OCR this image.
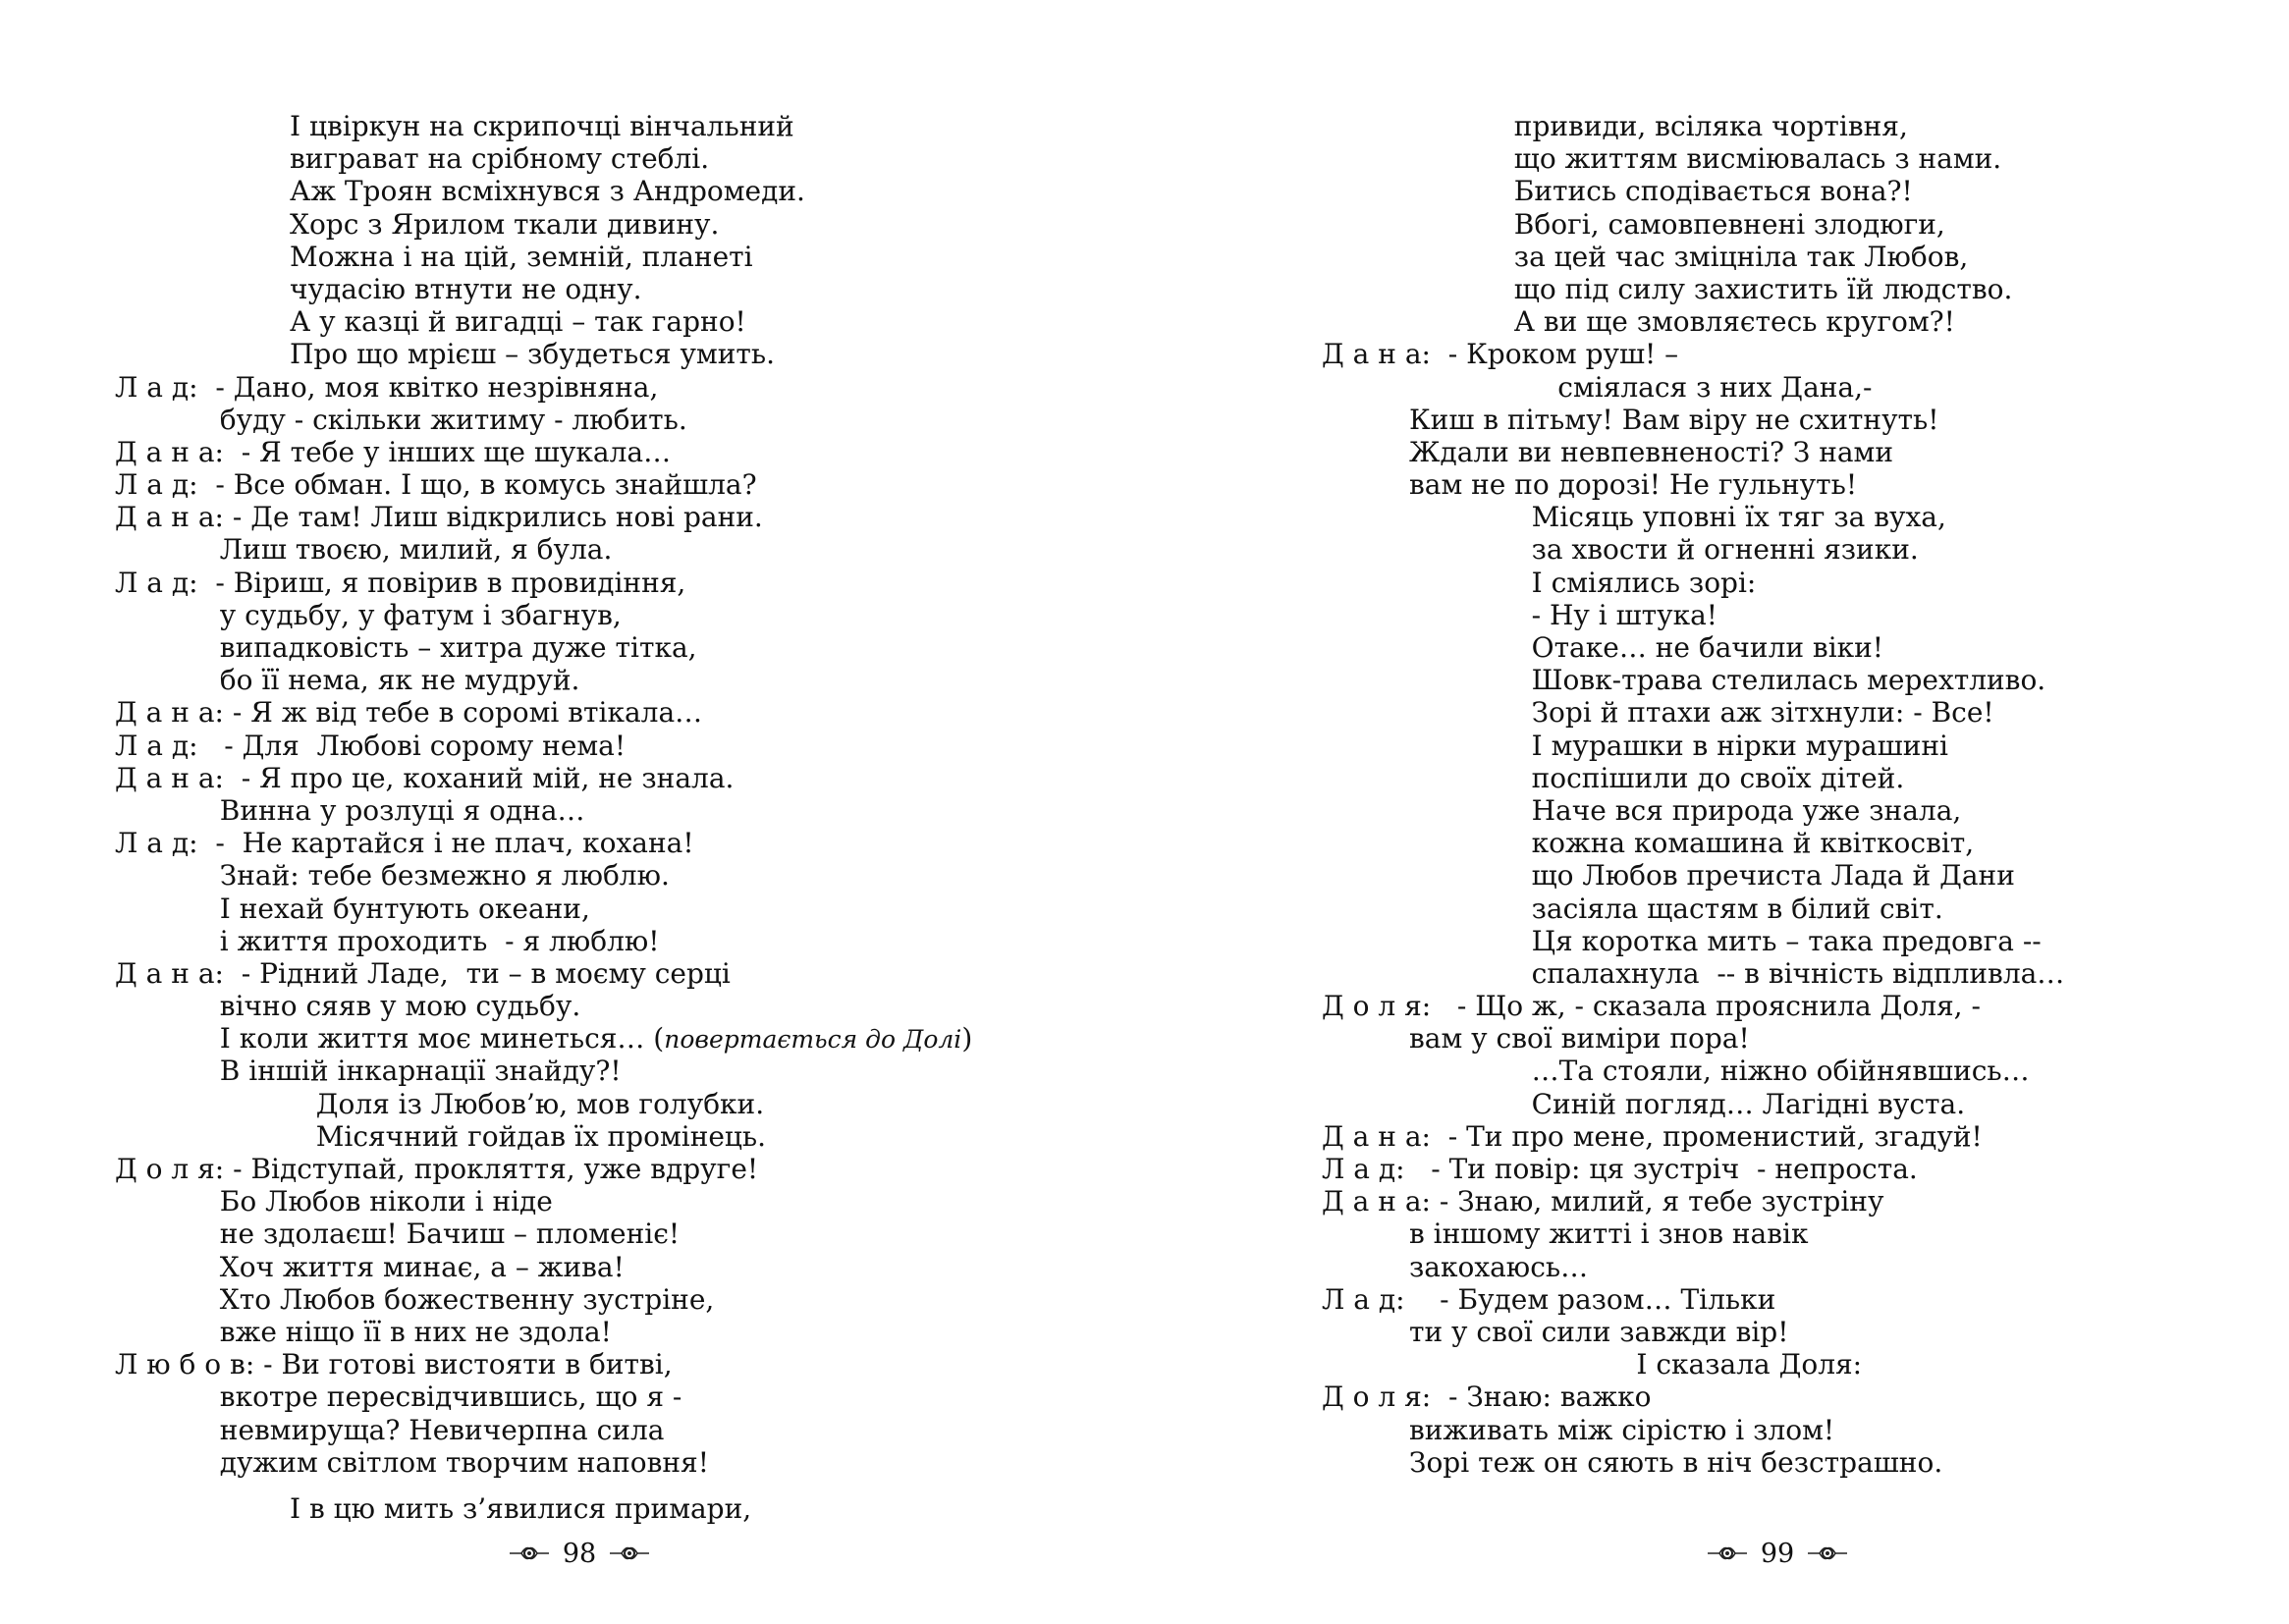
І цвіркун на скрипочці вінчальний
виграват на срібному стеблі.
Аж Троян всміхнувся з Андромеди.
Хорс з Ярилом ткали дивину.
Можна і на цій, земній, планеті
чудасію втнути не одну.
А у казці й вигадці – так гарно!
Про що мрієш – збудеться умить.
Л а д:  - Дано, моя квітко незрівняна,
буду - скільки житиму - любить.
Д а н а:  - Я тебе у інших ще шукала…
Л а д:  - Все обман. І що, в комусь знайшла?
Д а н а: - Де там! Лиш відкрились нові рани.
Лиш твоєю, милий, я була.
Л а д:  - Віриш, я повірив в провидіння,
у судьбу, у фатум і збагнув,
випадковість – хитра дуже тітка,
бо її нема, як не мудруй.
Д а н а: - Я ж від тебе в соромі втікала…
Л а д:   - Для  Любові сорому нема!
Д а н а:  - Я про це, коханий мій, не знала.
Винна у розлуці я одна…
Л а д:  -  Не картайся і не плач, кохана!
Знай: тебе безмежно я люблю.
І нехай бунтують океани,
і життя проходить  - я люблю!
Д а н а:  - Рідний Ладе,  ти – в моєму серці
вічно сяяв у мою судьбу.
І коли життя моє минеться… (повертається до Долі)
В іншій інкарнації знайду?!
Доля із Любов’ю, мов голубки.
Місячний гойдав їх промінець.
Д о л я: - Відступай, прокляття, уже вдруге!
Бо Любов ніколи і ніде
не здолаєш! Бачиш – пломеніє!
Хоч життя минає, а – жива!
Хто Любов божественну зустріне,
вже ніщо її в них не здола!
Л ю б о в: - Ви готові вистояти в битві,
вкотре пересвідчившись, що я -
невмируща? Невичерпна сила
дужим світлом творчим наповня!
І в цю мить з’явилися примари,
98
привиди, всіляка чортівня,
що життям висміювалась з нами.
Битись сподівається вона?!
Вбогі, самовпевнені злодюги,
за цей час зміцніла так Любов,
що під силу захистить їй людство.
А ви ще змовляєтесь кругом?!
Д а н а:  - Кроком руш! –
сміялася з них Дана,-
Киш в пітьму! Вам віру не схитнуть!
Ждали ви невпевненості? З нами
вам не по дорозі! Не гульнуть!
Місяць уповні їх тяг за вуха,
за хвости й огненні язики.
І сміялись зорі:
- Ну і штука!
Отаке… не бачили віки!
Шовк-трава стелилась мерехтливо.
Зорі й птахи аж зітхнули: - Все!
І мурашки в нірки мурашині
поспішили до своїх дітей.
Наче вся природа уже знала,
кожна комашина й квіткосвіт,
що Любов пречиста Лада й Дани
засіяла щастям в білий світ.
Ця коротка мить – така предовга --
спалахнула  -- в вічність відпливла…
Д о л я:   - Що ж, - сказала прояснила Доля, -
вам у свої виміри пора!
…Та стояли, ніжно обійнявшись…
Синій погляд… Лагідні вуста.
Д а н а:  - Ти про мене, променистий, згадуй!
Л а д:   - Ти повір: ця зустріч  - непроста.
Д а н а: - Знаю, милий, я тебе зустріну
в іншому житті і знов навік
закохаюсь…
Л а д:    - Будем разом… Тільки
ти у свої сили завжди вір!
І сказала Доля:
Д о л я:  - Знаю: важко
виживать між сірістю і злом!
Зорі теж он сяють в ніч безстрашно.
99
